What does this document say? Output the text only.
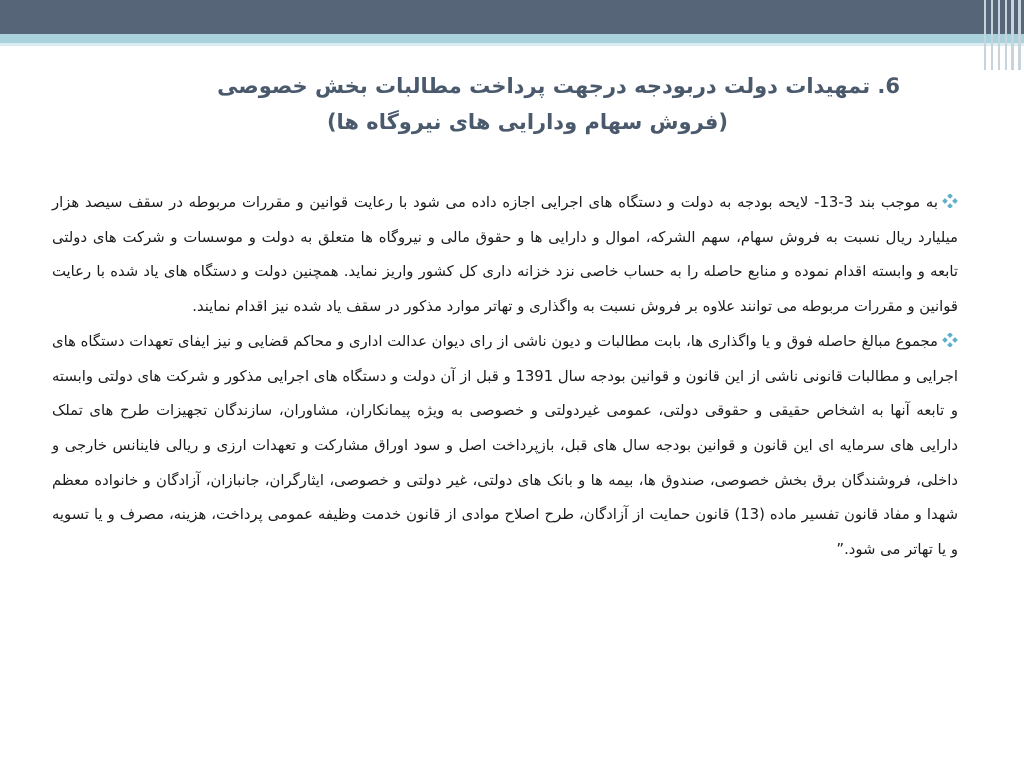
6. تمهیدات دولت دربودجه درجهت پرداخت مطالبات بخش خصوصی
(فروش سهام ودارایی های نیروگاه ها)

به موجب بند 3-13- لایحه بودجه به دولت و دستگاه های اجرایی اجازه داده می شود با رعایت قوانین و مقررات مربوطه در سقف سیصد هزار میلیارد ریال نسبت به فروش سهام، سهم الشرکه، اموال و دارایی ها و حقوق مالی و نیروگاه ها متعلق به دولت و موسسات و شرکت های دولتی تابعه و وابسته اقدام نموده و منابع حاصله را به حساب خاصی نزد خزانه داری کل کشور واریز نماید. همچنین دولت و دستگاه های یاد شده با رعایت قوانین و مقررات مربوطه می توانند علاوه بر فروش نسبت به واگذاری و تهاتر موارد مذکور در سقف یاد شده نیز اقدام نمایند.

مجموع مبالغ حاصله فوق و یا واگذاری ها، بابت مطالبات و دیون ناشی از رای دیوان عدالت اداری و محاکم قضایی و نیز ایفای تعهدات دستگاه های اجرایی و مطالبات قانونی ناشی از این قانون و قوانین بودجه سال 1391 و قبل از آن دولت و دستگاه های اجرایی مذکور و شرکت های دولتی وابسته و تابعه آنها به اشخاص حقیقی و حقوقی دولتی، عمومی غیردولتی و خصوصی به ویژه پیمانکاران، مشاوران، سازندگان تجهیزات طرح های تملک دارایی های سرمایه ای این قانون و قوانین بودجه سال های قبل، بازپرداخت اصل و سود اوراق مشارکت و تعهدات ارزی و ریالی فاینانس خارجی و داخلی، فروشندگان برق بخش خصوصی، صندوق ها، بیمه ها و بانک های دولتی، غیر دولتی و خصوصی، ایثارگران، جانبازان، آزادگان و خانواده معظم شهدا و مفاد قانون تفسیر ماده (13) قانون حمایت از آزادگان، طرح اصلاح موادی از قانون خدمت وظیفه عمومی پرداخت، هزینه، مصرف و یا تسویه و یا تهاتر می شود.”
